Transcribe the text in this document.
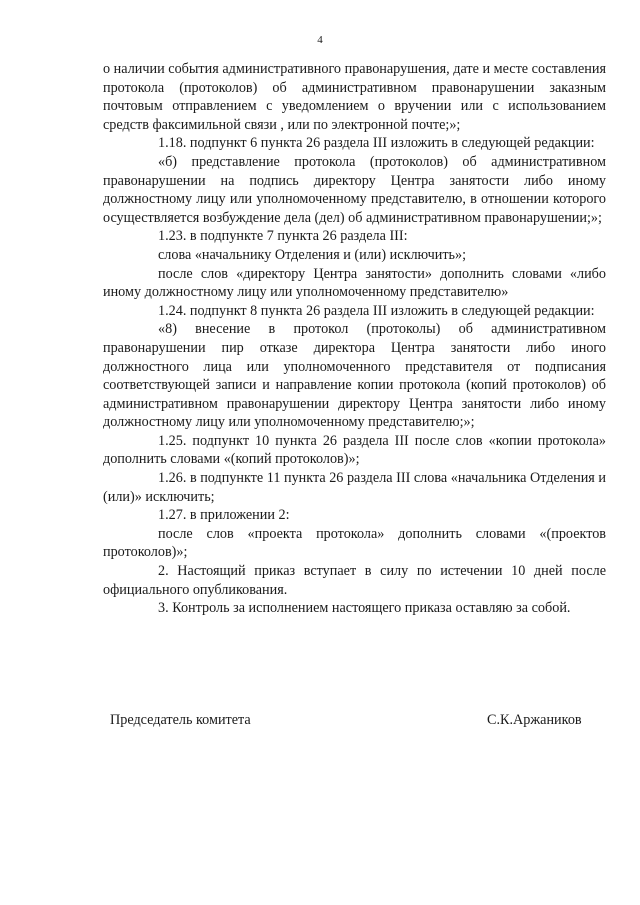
4

о наличии события административного правонарушения, дате и месте составления протокола (протоколов) об административном правонарушении заказным почтовым отправлением с уведомлением о вручении или с использованием средств факсимильной связи , или по электронной почте;»;

1.18. подпункт 6 пункта 26 раздела III изложить в следующей редакции:

«б) представление протокола (протоколов) об административном правонарушении на подпись директору Центра занятости либо иному должностному лицу или уполномоченному представителю, в отношении которого осуществляется возбуждение дела (дел) об административном правонарушении;»;

1.23. в подпункте 7 пункта 26 раздела III:

слова «начальнику Отделения и (или) исключить»;

после слов «директору Центра занятости» дополнить словами «либо иному должностному лицу или уполномоченному представителю»

1.24. подпункт 8 пункта 26 раздела III изложить в следующей редакции:

«8) внесение в протокол (протоколы) об административном правонарушении пир отказе директора Центра занятости либо иного должностного лица или уполномоченного представителя от подписания соответствующей записи и направление копии протокола (копий протоколов) об административном правонарушении директору Центра занятости либо иному должностному лицу или уполномоченному представителю;»;

1.25. подпункт 10 пункта 26 раздела III после слов «копии протокола» дополнить словами «(копий протоколов)»;

1.26. в подпункте 11 пункта 26 раздела III слова «начальника Отделения и (или)» исключить;

1.27. в приложении 2:

после слов «проекта протокола» дополнить словами «(проектов протоколов)»;

2. Настоящий приказ вступает в силу по истечении 10 дней после официального опубликования.

3. Контроль за исполнением настоящего приказа оставляю за собой.

Председатель комитета	С.К.Аржаников
